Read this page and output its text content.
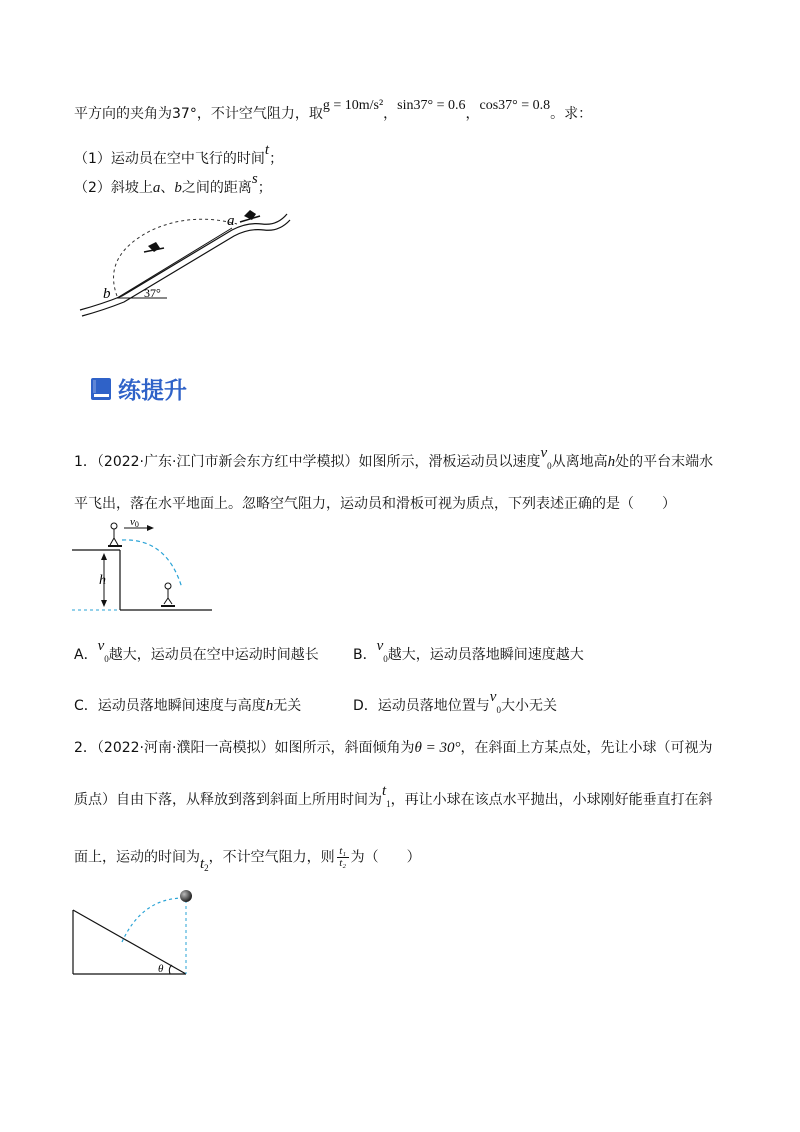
平方向的夹角为37°，不计空气阻力，取g = 10m/s²，sin37° = 0.6，cos37° = 0.8。求：
（1）运动员在空中飞行的时间t；
（2）斜坡上a、b之间的距离s；
a
b	37°
练提升
1．（2022·广东·江门市新会东方红中学模拟）如图所示，滑板运动员以速度$v_0$从离地高h处的平台末端水
平飞出，落在水平地面上。忽略空气阻力，运动员和滑板可视为质点，下列表述正确的是（　　）
h
v0
A．$v_0$越大，运动员在空中运动时间越长 B．$v_0$越大，运动员落地瞬间速度越大
C．运动员落地瞬间速度与高度h无关	D．运动员落地位置与$v_0$大小无关
2．（2022·河南·濮阳一高模拟）如图所示，斜面倾角为θ = 30°，在斜面上方某点处，先让小球（可视为
质点）自由下落，从释放到落到斜面上所用时间为$t_1$，再让小球在该点水平抛出，小球刚好能垂直打在斜
面上，运动的时间为$t_2$，不计空气阻力，则 $\frac{\text{t₁}}{\text{t₂}}$ 为（　　）
θ
